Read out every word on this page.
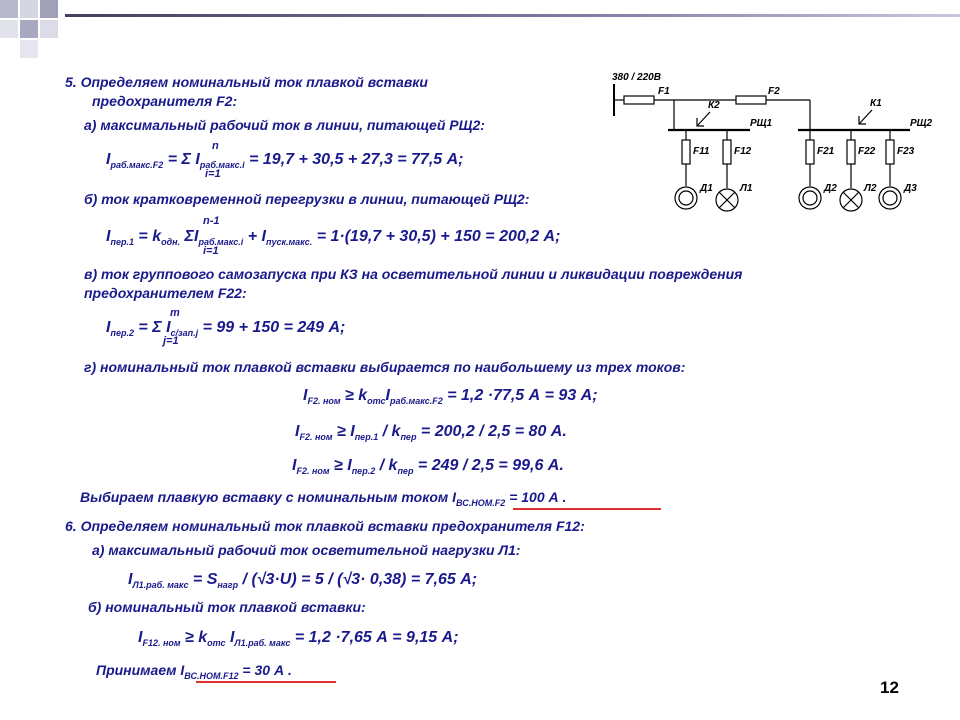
5. Определяем номинальный ток плавкой вставки
предохранителя F2:
а) максимальный рабочий ток в линии, питающей РЩ2:
$I_{раб.макс.F2} = \Sigma$ $I_{раб.макс.i} = 19,7 + 30,5 + 27,3 = 77,5$ А;
n
i=1
б) ток кратковременной перегрузки в линии, питающей РЩ2:
$I_{пер.1} = k_{одн.}$ $\Sigma I_{раб.макс.i} + I_{пуск.макс.} = 1\cdot(19,7 + 30,5) + 150 = 200,2$ А;
n-1
i=1
в) ток группового самозапуска при КЗ на осветительной линии и ликвидации повреждения
предохранителем F22:
$I_{пер.2} = \Sigma$ $I_{с/зап.j} = 99 + 150 = 249$ А;
m
j=1
г) номинальный ток плавкой вставки выбирается по наибольшему из трех токов:
$I_{F2. ном} \ge k_{отс}I_{раб.макс.F2} = 1,2 \cdot 77,5$ А = 93 А;
$I_{F2. ном} \ge I_{пер.1} / k_{пер} = 200,2 / 2,5 = 80$ А.
$I_{F2. ном} \ge I_{пер.2} / k_{пер} = 249 / 2,5 = 99,6$ А.
Выбираем плавкую вставку с номинальным током $I_{ВС.НОМ.F2} = 100$ А .
6. Определяем номинальный ток плавкой вставки предохранителя F12:
а) максимальный рабочий ток осветительной нагрузки Л1:
$I_{Л1.раб. макс} = S_{нагр} / (√3\cdot U) = 5 / (√3\cdot 0,38) = 7,65$ А;
б) номинальный ток плавкой вставки:
$I_{F12. ном} \ge k_{отс}$ $I_{Л1.раб. макс} = 1,2 \cdot 7,65$ А = 9,15 А;
Принимаем $I_{ВС.НОМ.F12} = 30$ А .
12
380 / 220В
F1	F2
К2	К1
РЩ1	РЩ2
F11 F12	F21 F22 F23
Д1	Л1	Д2	Л2	Д3
